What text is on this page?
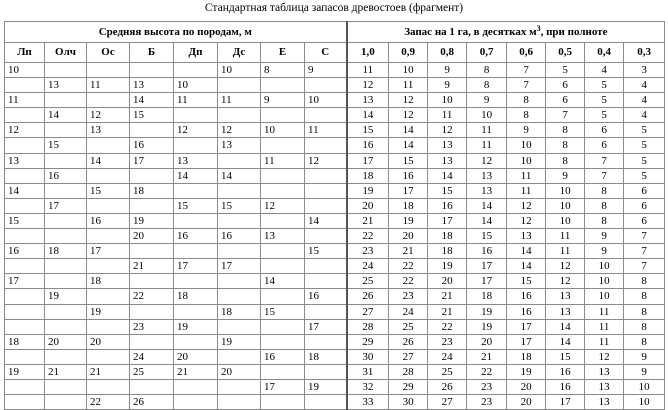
Стандартная таблица запасов древостоев (фрагмент)
Средняя высота по породам, м								Запас на 1 га, в десятках $м^3$, при полноте							
Лп	Олч	Ос	Б	Дп	Дс	Е	С	1,0	0,9	0,8	0,7	0,6	0,5	0,4	0,3
10					10	8	9	11	10	9	8	7	5	4	3
	13	11	13	10				12	11	9	8	7	6	5	4
11			14	11	11	9	10	13	12	10	9	8	6	5	4
	14	12	15					14	12	11	10	8	7	5	4
12		13		12	12	10	11	15	14	12	11	9	8	6	5
	15		16		13			16	14	13	11	10	8	6	5
13		14	17	13		11	12	17	15	13	12	10	8	7	5
	16			14	14			18	16	14	13	11	9	7	5
14		15	18					19	17	15	13	11	10	8	6
	17			15	15	12		20	18	16	14	12	10	8	6
15		16	19				14	21	19	17	14	12	10	8	6
			20	16	16	13		22	20	18	15	13	11	9	7
16	18	17					15	23	21	18	16	14	11	9	7
			21	17	17			24	22	19	17	14	12	10	7
17		18				14		25	22	20	17	15	12	10	8
	19		22	18			16	26	23	21	18	16	13	10	8
		19			18	15		27	24	21	19	16	13	11	8
			23	19			17	28	25	22	19	17	14	11	8
18	20	20			19			29	26	23	20	17	14	11	8
			24	20		16	18	30	27	24	21	18	15	12	9
19	21	21	25	21	20			31	28	25	22	19	16	13	9
						17	19	32	29	26	23	20	16	13	10
		22	26					33	30	27	23	20	17	13	10
